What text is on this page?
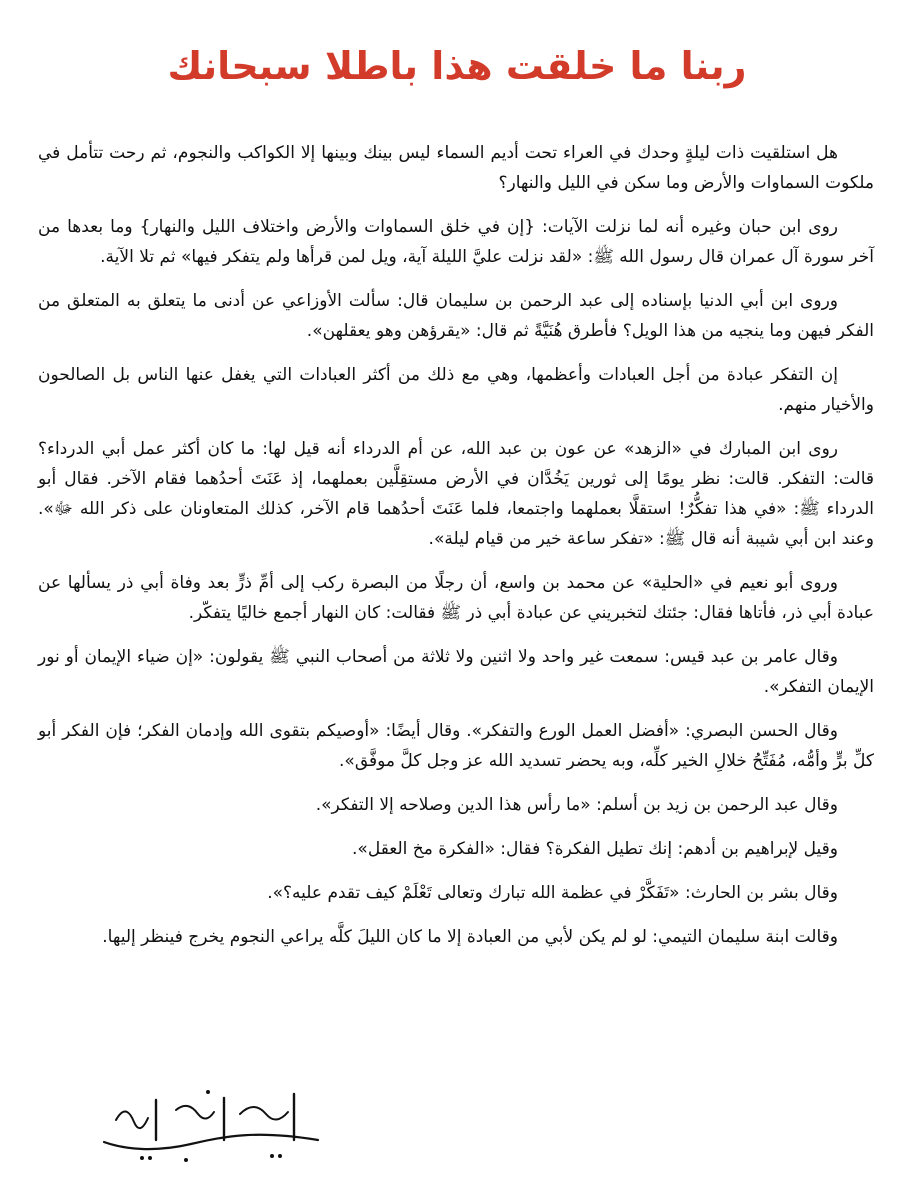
ربنا ما خلقت هذا باطلا سبحانك

هل استلقيت ذات ليلةٍ وحدك في العراء تحت أديم السماء ليس بينك وبينها إلا الكواكب والنجوم، ثم رحت تتأمل في ملكوت السماوات والأرض وما سكن في الليل والنهار؟

روى ابن حبان وغيره أنه لما نزلت الآيات: {إن في خلق السماوات والأرض واختلاف الليل والنهار} وما بعدها من آخر سورة آل عمران قال رسول الله ﷺ: «لقد نزلت عليَّ الليلة آية، ويل لمن قرأها ولم يتفكر فيها» ثم تلا الآية.

وروى ابن أبي الدنيا بإسناده إلى عبد الرحمن بن سليمان قال: سألت الأوزاعي عن أدنى ما يتعلق به المتعلق من الفكر فيهن وما ينجيه من هذا الويل؟ فأطرق هُنَيَّةً ثم قال: «يقرؤهن وهو يعقلهن».

إن التفكر عبادة من أجل العبادات وأعظمها، وهي مع ذلك من أكثر العبادات التي يغفل عنها الناس بل الصالحون والأخيار منهم.

روى ابن المبارك في «الزهد» عن عون بن عبد الله، عن أم الدرداء أنه قيل لها: ما كان أكثر عمل أبي الدرداء؟ قالت: التفكر. قالت: نظر يومًا إلى ثورين يَخُدَّان في الأرض مستقِلَّين بعملهما، إذ عَنَتَ أحدُهما فقام الآخر. فقال أبو الدرداء ﷺ: «في هذا تفكُّرٌ! استقلَّا بعملهما واجتمعا، فلما عَنَتَ أحدُهما قام الآخر، كذلك المتعاونان على ذكر الله ﷻ». وعند ابن أبي شيبة أنه قال ﷺ: «تفكر ساعة خير من قيام ليلة».

وروى أبو نعيم في «الحلية» عن محمد بن واسع، أن رجلًا من البصرة ركب إلى أمِّ ذرٍّ بعد وفاة أبي ذر يسألها عن عبادة أبي ذر، فأتاها فقال: جئتك لتخبريني عن عبادة أبي ذر ﷺ فقالت: كان النهار أجمع خاليًا يتفكّر.

وقال عامر بن عبد قيس: سمعت غير واحد ولا اثنين ولا ثلاثة من أصحاب النبي ﷺ يقولون: «إن ضياء الإيمان أو نور الإيمان التفكر».

وقال الحسن البصري: «أفضل العمل الورع والتفكر». وقال أيضًا: «أوصيكم بتقوى الله وإدمان الفكر؛ فإن الفكر أبو كلِّ برٍّ وأمُّه، مُفَتِّحُ خلالِ الخير كلِّه، وبه يحضر تسديد الله عز وجل كلَّ موفَّق».

وقال عبد الرحمن بن زيد بن أسلم: «ما رأس هذا الدين وصلاحه إلا التفكر».

وقيل لإبراهيم بن أدهم: إنك تطيل الفكرة؟ فقال: «الفكرة مخ العقل».

وقال بشر بن الحارث: «تَفَكَّرْ في عظمة الله تبارك وتعالى تَعْلَمْ كيف تقدم عليه؟».

وقالت ابنة سليمان التيمي: لو لم يكن لأبي من العبادة إلا ما كان الليلَ كلَّه يراعي النجوم يخرج فينظر إليها.
